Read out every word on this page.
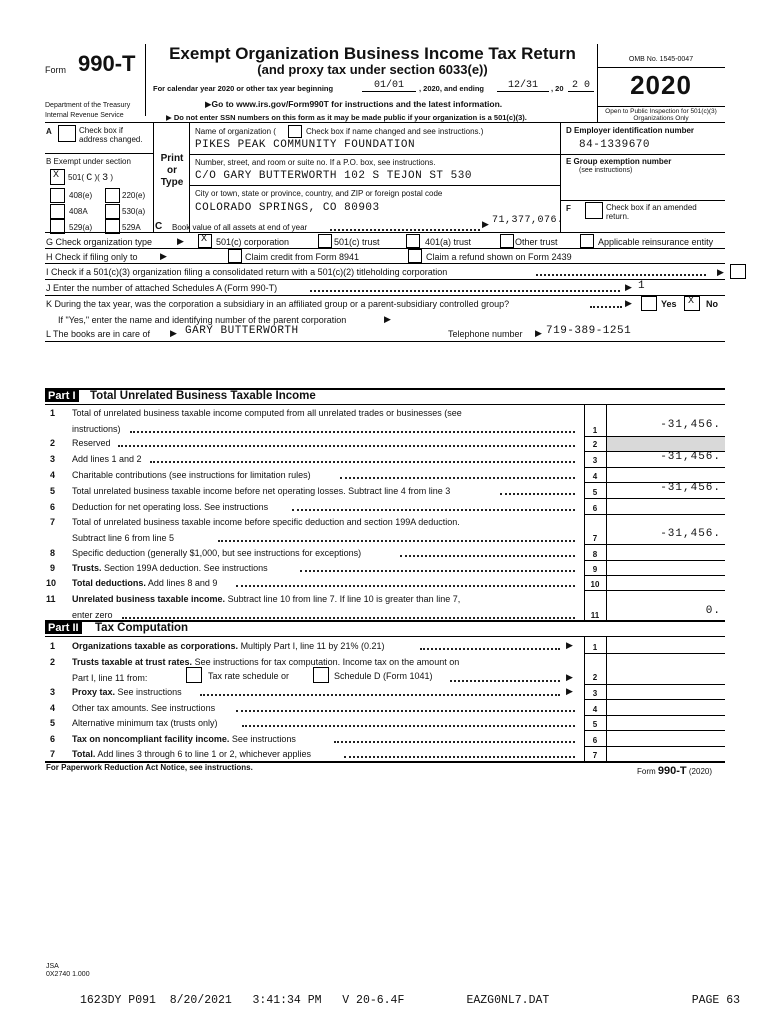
Form 990-T	Exempt Organization Business Income Tax Return
(and proxy tax under section 6033(e))
For calendar year 2020 or other tax year beginning	01/01	, 2020, and ending	12/31	, 20 2 0
▶Go to www.irs.gov/Form990T for instructions and the latest information.
▶ Do not enter SSN numbers on this form as it may be made public if your organization is a 501(c)(3).
Department of the Treasury
Internal Revenue Service
OMB No. 1545-0047
2020
Open to Public Inspection for 501(c)(3) Organizations Only
A	Check box if address changed.
B Exempt under section
X 501( C )( 3 )
408(e)	220(e)
408A	530(a)
529(a)	529A
Print
or
Type
Name of organization (	Check box if name changed and see instructions.)
PIKES PEAK COMMUNITY FOUNDATION
Number, street, and room or suite no. If a P.O. box, see instructions.
C/O GARY BUTTERWORTH 102 S TEJON ST 530
City or town, state or province, country, and ZIP or foreign postal code
COLORADO SPRINGS, CO 80903
C Book value of all assets at end of year	▶ 71,377,076.
D Employer identification number
84-1339670
E Group exemption number
(see instructions)
F	Check box if an amended return.
G Check organization type	▶ X 501(c) corporation	501(c) trust	401(a) trust	Other trust	Applicable reinsurance entity
H Check if filing only to ▶	Claim credit from Form 8941	Claim a refund shown on Form 2439
I Check if a 501(c)(3) organization filing a consolidated return with a 501(c)(2) titleholding corporation	▶
J Enter the number of attached Schedules A (Form 990-T)	▶ 1
K During the tax year, was the corporation a subsidiary in an affiliated group or a parent-subsidiary controlled group?	▶	Yes X No
If "Yes," enter the name and identifying number of the parent corporation	▶
L The books are in care of ▶ GARY BUTTERWORTH	Telephone number ▶ 719-389-1251
Part I Total Unrelated Business Taxable Income
1 Total of unrelated business taxable income computed from all unrelated trades or businesses (see
instructions)	1	-31,456.
2 Reserved	2
3 Add lines 1 and 2	3	-31,456.
4 Charitable contributions (see instructions for limitation rules)	4
5 Total unrelated business taxable income before net operating losses. Subtract line 4 from line 3	5	-31,456.
6 Deduction for net operating loss. See instructions	6
7 Total of unrelated business taxable income before specific deduction and section 199A deduction.
Subtract line 6 from line 5	7	-31,456.
8 Specific deduction (generally $1,000, but see instructions for exceptions)	8
9 Trusts. Section 199A deduction. See instructions	9
10 Total deductions. Add lines 8 and 9	10
11 Unrelated business taxable income. Subtract line 10 from line 7. If line 10 is greater than line 7,
enter zero	11	0.
Part II Tax Computation
1 Organizations taxable as corporations. Multiply Part I, line 11 by 21% (0.21)	▶	1
2 Trusts taxable at trust rates. See instructions for tax computation. Income tax on the amount on
Part I, line 11 from:	Tax rate schedule or	Schedule D (Form 1041)	▶	2
3 Proxy tax. See instructions	▶	3
4 Other tax amounts. See instructions	4
5 Alternative minimum tax (trusts only)	5
6 Tax on noncompliant facility income. See instructions	6
7 Total. Add lines 3 through 6 to line 1 or 2, whichever applies	7
For Paperwork Reduction Act Notice, see instructions.	Form 990-T (2020)
JSA
0X2740 1.000
1623DY P091  8/20/2021   3:41:34 PM   V 20-6.4F         EAZG0NL7.DAT	PAGE 63
